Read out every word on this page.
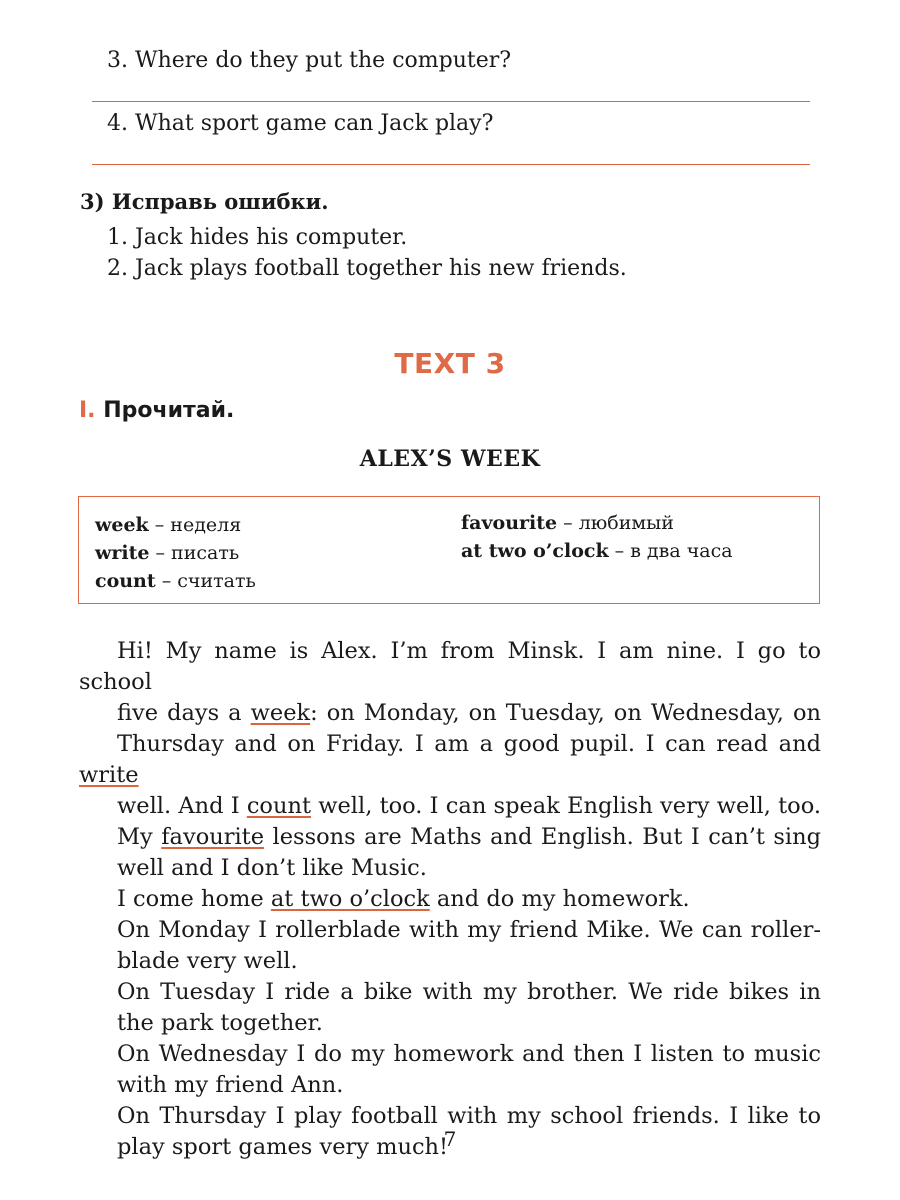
3. Where do they put the computer?
4. What sport game can Jack play?
3) Исправь ошибки.
1. Jack hides his computer.
2. Jack plays football together his new friends.
TEXT 3
I. Прочитай.
ALEX’S WEEK
week – неделя
write – писать
count – считать
favourite – любимый
at two o’clock – в два часа

Hi! My name is Alex. I’m from Minsk. I am nine. I go to school
five days a week: on Monday, on Tuesday, on Wednesday, on
Thursday and on Friday. I am a good pupil. I can read and write
well. And I count well, too. I can speak English very well, too.
My favourite lessons are Maths and English. But I can’t sing
well and I don’t like Music.

I come home at two o’clock and do my homework.

On Monday I rollerblade with my friend Mike. We can roller-
blade very well.

On Tuesday I ride a bike with my brother. We ride bikes in
the park together.

On Wednesday I do my homework and then I listen to music
with my friend Ann.

On Thursday I play football with my school friends. I like to
play sport games very much!

7
